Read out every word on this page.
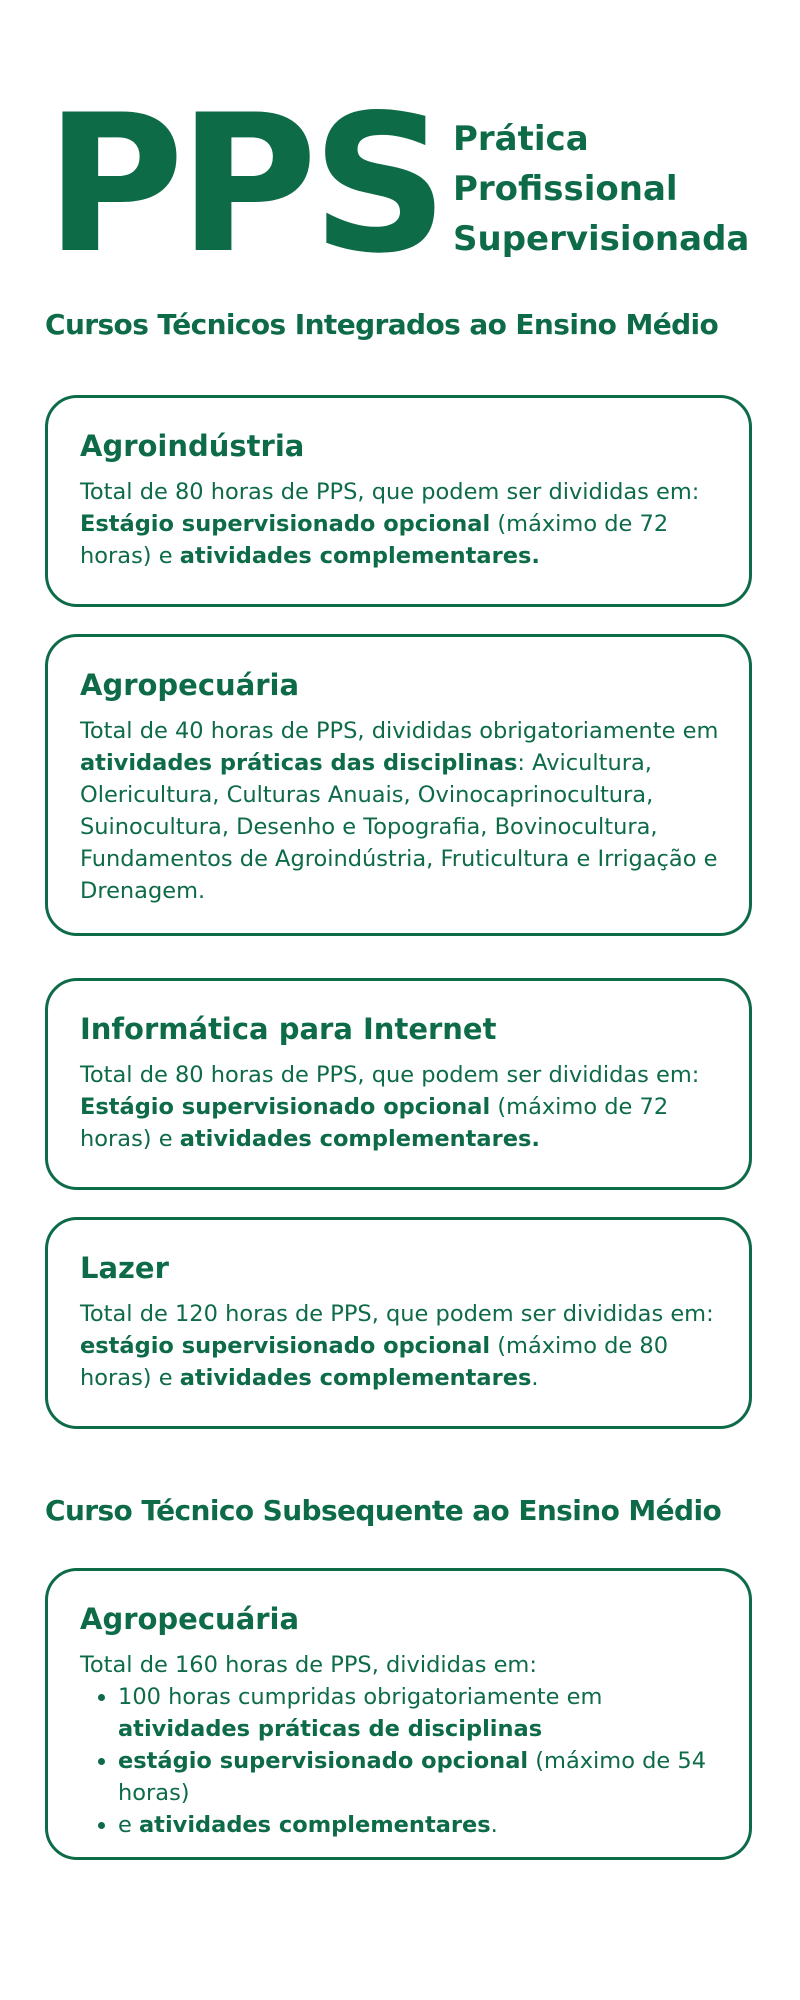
PPS Prática
Profissional
Supervisionada
Cursos Técnicos Integrados ao Ensino Médio
Agroindústria
Total de 80 horas de PPS, que podem ser divididas em: Estágio supervisionado opcional (máximo de 72 horas) e atividades complementares.
Agropecuária
Total de 40 horas de PPS, divididas obrigatoriamente em atividades práticas das disciplinas: Avicultura, Olericultura, Culturas Anuais, Ovinocaprinocultura, Suinocultura, Desenho e Topografia, Bovinocultura, Fundamentos de Agroindústria, Fruticultura e Irrigação e Drenagem.
Informática para Internet
Total de 80 horas de PPS, que podem ser divididas em: Estágio supervisionado opcional (máximo de 72 horas) e atividades complementares.
Lazer
Total de 120 horas de PPS, que podem ser divididas em: estágio supervisionado opcional (máximo de 80 horas) e atividades complementares.
Curso Técnico Subsequente ao Ensino Médio
Agropecuária
Total de 160 horas de PPS, divididas em:
• 100 horas cumpridas obrigatoriamente em atividades práticas de disciplinas
• estágio supervisionado opcional (máximo de 54 horas)
• e atividades complementares.
